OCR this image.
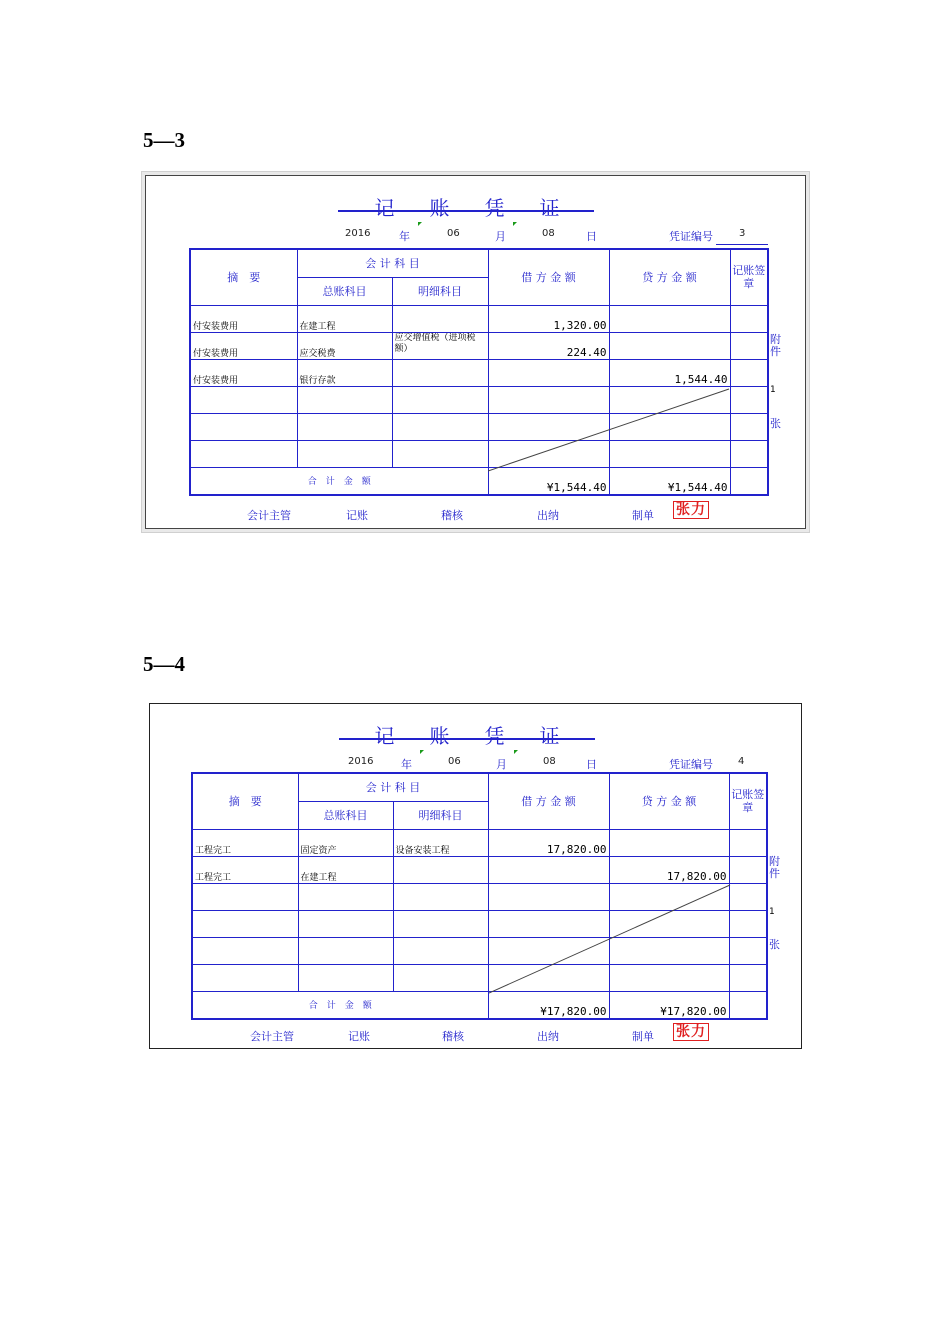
5—3
记 账 凭 证
2016	年	06	月	08	日	凭证编号	3
摘　要	会 计 科 目		借 方 金 额	贷 方 金 额	记账签章
	总账科目	明细科目			
付安装费用	在建工程		1,320.00		
付安装费用	应交税费	应交增值税（进项税额）	224.40		
付安装费用	银行存款			1,544.40	

合　计　金　额			¥1,544.40	¥1,544.40	
附件
1
张
会计主管	记账	稽核	出纳	制单 张力
5—4
记 账 凭 证
2016	年	06	月	08	日	凭证编号	4
摘　要	会 计 科 目		借 方 金 额	贷 方 金 额	记账签章
	总账科目	明细科目			
工程完工	固定资产	设备安装工程	17,820.00		
工程完工	在建工程			17,820.00	

合　计　金　额			¥17,820.00	¥17,820.00	
附件
1
张
会计主管	记账	稽核	出纳	制单 张力
